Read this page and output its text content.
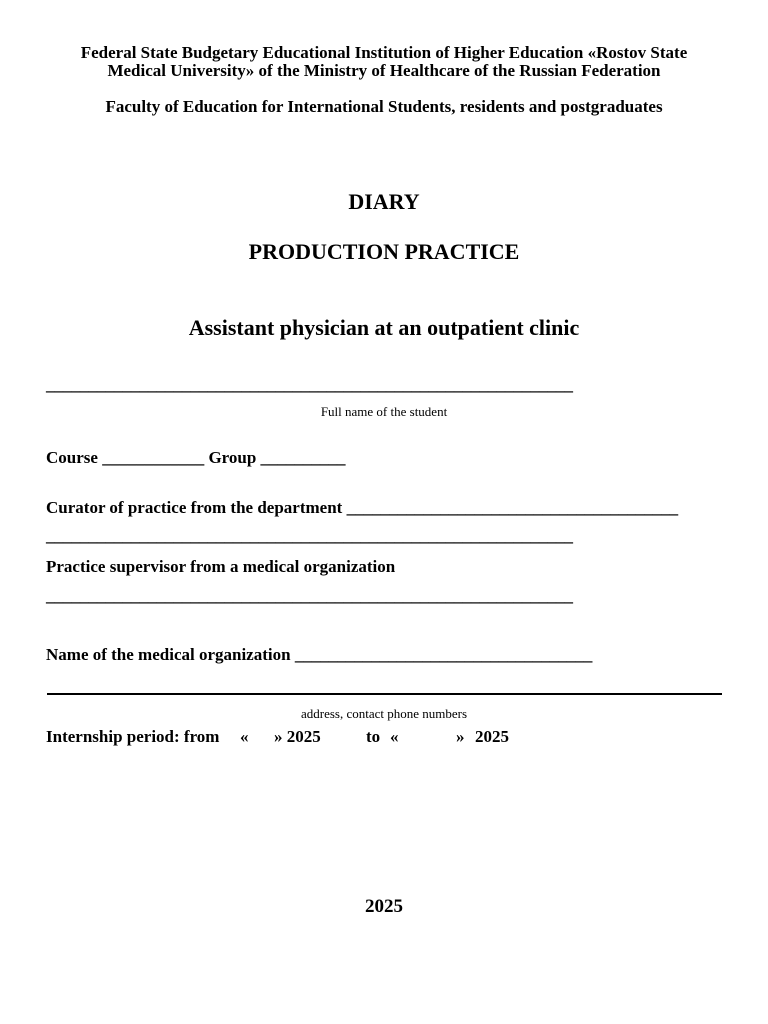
Federal State Budgetary Educational Institution of Higher Education «Rostov State
Medical University» of the Ministry of Healthcare of the Russian Federation
Faculty of Education for International Students, residents and postgraduates
DIARY
PRODUCTION PRACTICE
Assistant physician at an outpatient clinic
______________________________________________________________
Full name of the student
Course ____________ Group __________
Curator of practice from the department _______________________________________
______________________________________________________________
Practice supervisor from a medical organization
______________________________________________________________
Name of the medical organization ___________________________________
address, contact phone numbers
Internship period: from « » 2025	to «	» 2025
2025
